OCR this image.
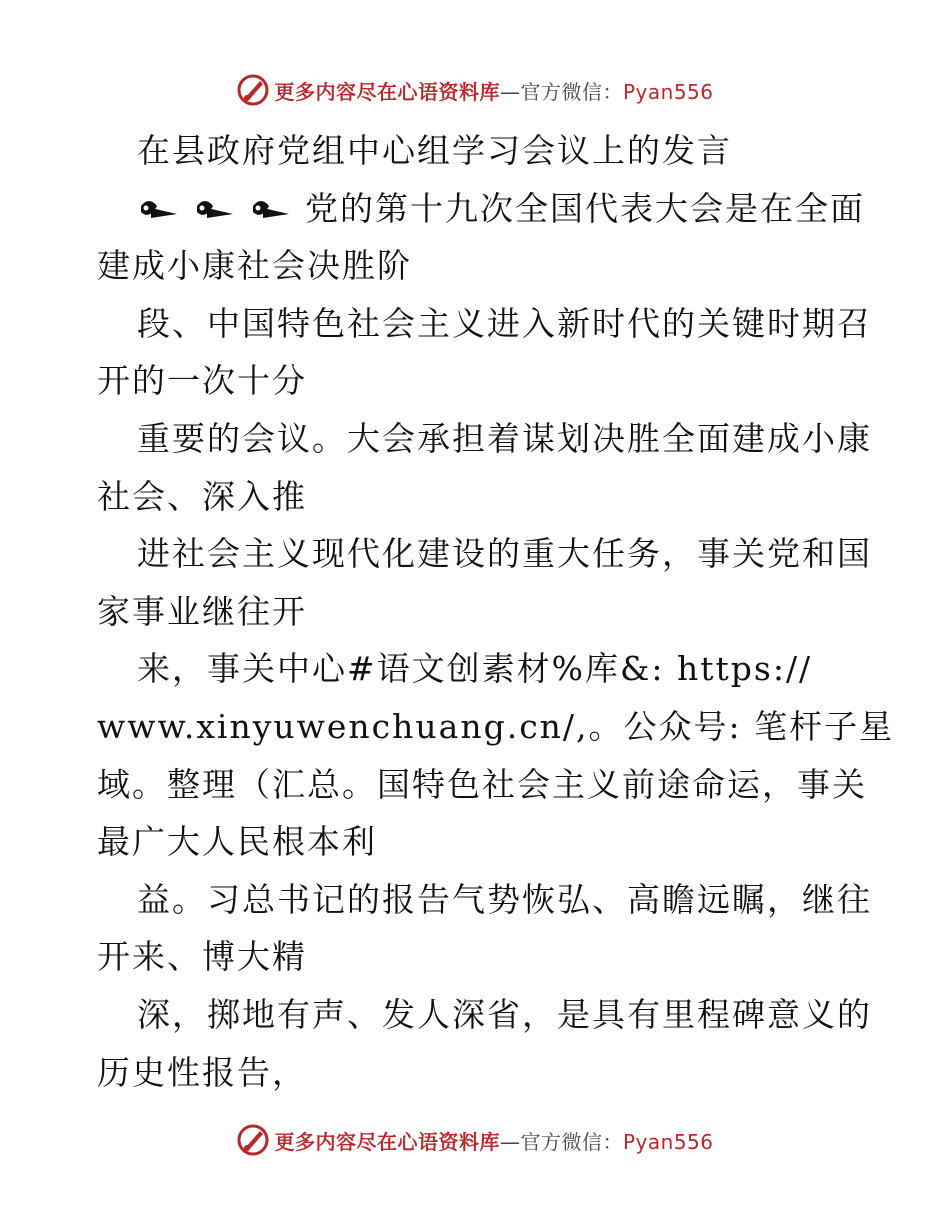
更多内容尽在心语资料库—官方微信：Pyan556
在县政府党组中心组学习会议上的发言
党的第十九次全国代表大会是在全面
建成小康社会决胜阶
段、中国特色社会主义进入新时代的关键时期召
开的一次十分
重要的会议。大会承担着谋划决胜全面建成小康
社会、深入推
进社会主义现代化建设的重大任务，事关党和国
家事业继往开
来，事关中心#语文创素材%库&: https://
www.xinyuwenchuang.cn/,。公众号: 笔杆子星
域。整理（汇总。国特色社会主义前途命运，事关
最广大人民根本利
益。习总书记的报告气势恢弘、高瞻远瞩，继往
开来、博大精
深，掷地有声、发人深省，是具有里程碑意义的
历史性报告，
更多内容尽在心语资料库—官方微信：Pyan556
